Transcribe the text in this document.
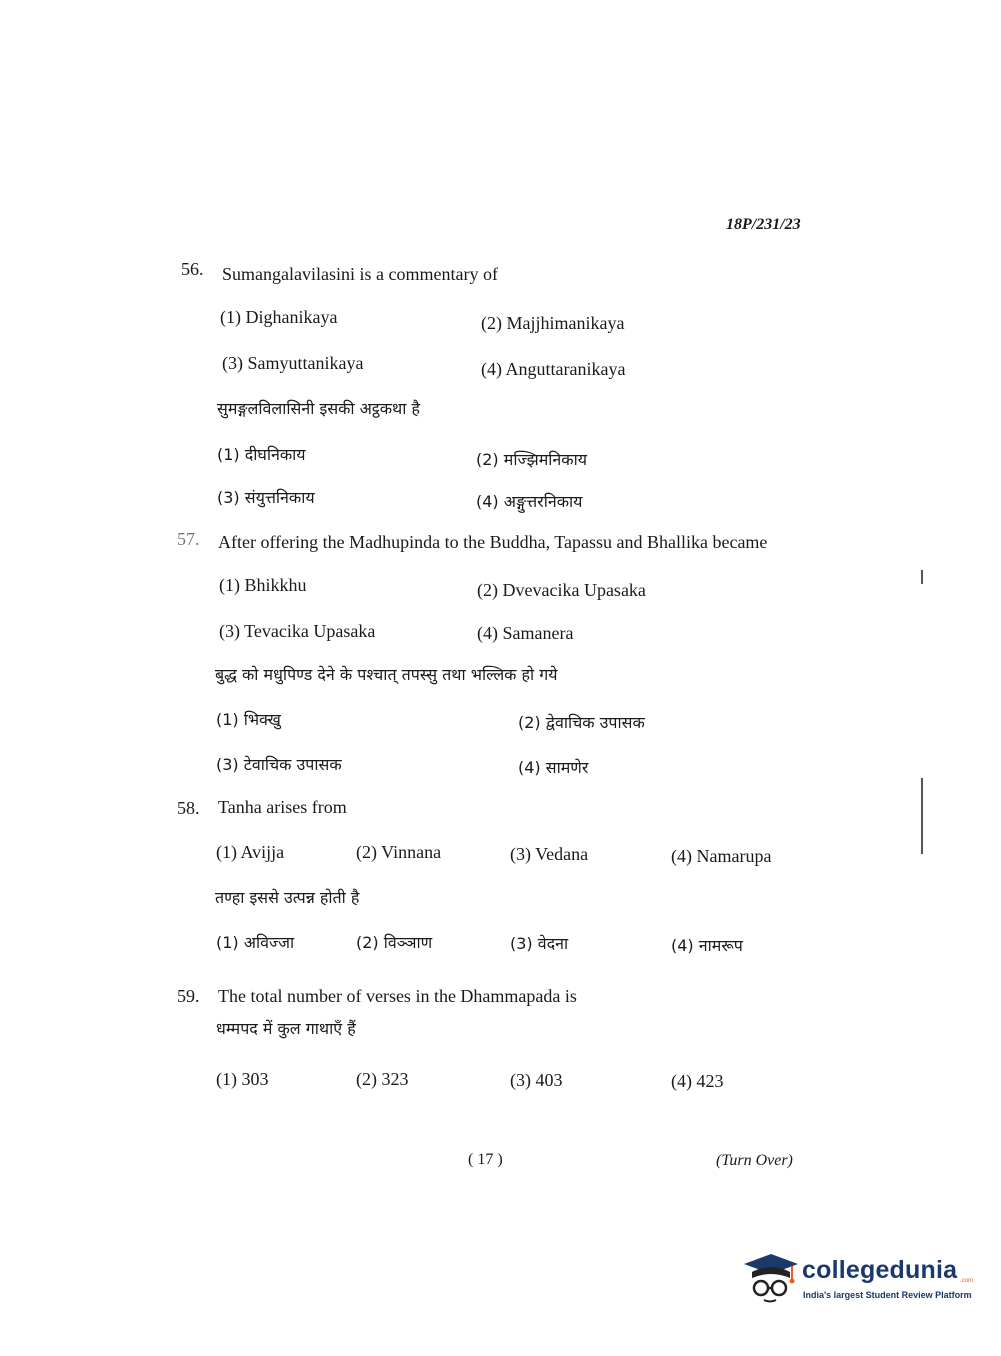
18P/231/23
56. Sumangalavilasini is a commentary of
(1) Dighanikaya	(2) Majjhimanikaya
(3) Samyuttanikaya	(4) Anguttaranikaya
सुमङ्गलविलासिनी इसकी अट्ठकथा है
(1) दीघनिकाय	(2) मज्झिमनिकाय
(3) संयुत्तनिकाय	(4) अङ्गुत्तरनिकाय
57. After offering the Madhupinda to the Buddha, Tapassu and Bhallika became
(1) Bhikkhu	(2) Dvevacika Upasaka
(3) Tevacika Upasaka	(4) Samanera
बुद्ध को मधुपिण्ड देने के पश्चात् तपस्सु तथा भल्लिक हो गये
(1) भिक्खु	(2) द्वेवाचिक उपासक
(3) टेवाचिक उपासक	(4) सामणेर
58. Tanha arises from
(1) Avijja	(2) Vinnana	(3) Vedana	(4) Namarupa
तण्हा इससे उत्पन्न होती है
(1) अविज्जा	(2) विञ्ञाण	(3) वेदना	(4) नामरूप
59. The total number of verses in the Dhammapada is
धम्मपद में कुल गाथाएँ हैं
(1) 303	(2) 323	(3) 403	(4) 423
( 17 )	(Turn Over)
collegedunia .com
India's largest Student Review Platform
